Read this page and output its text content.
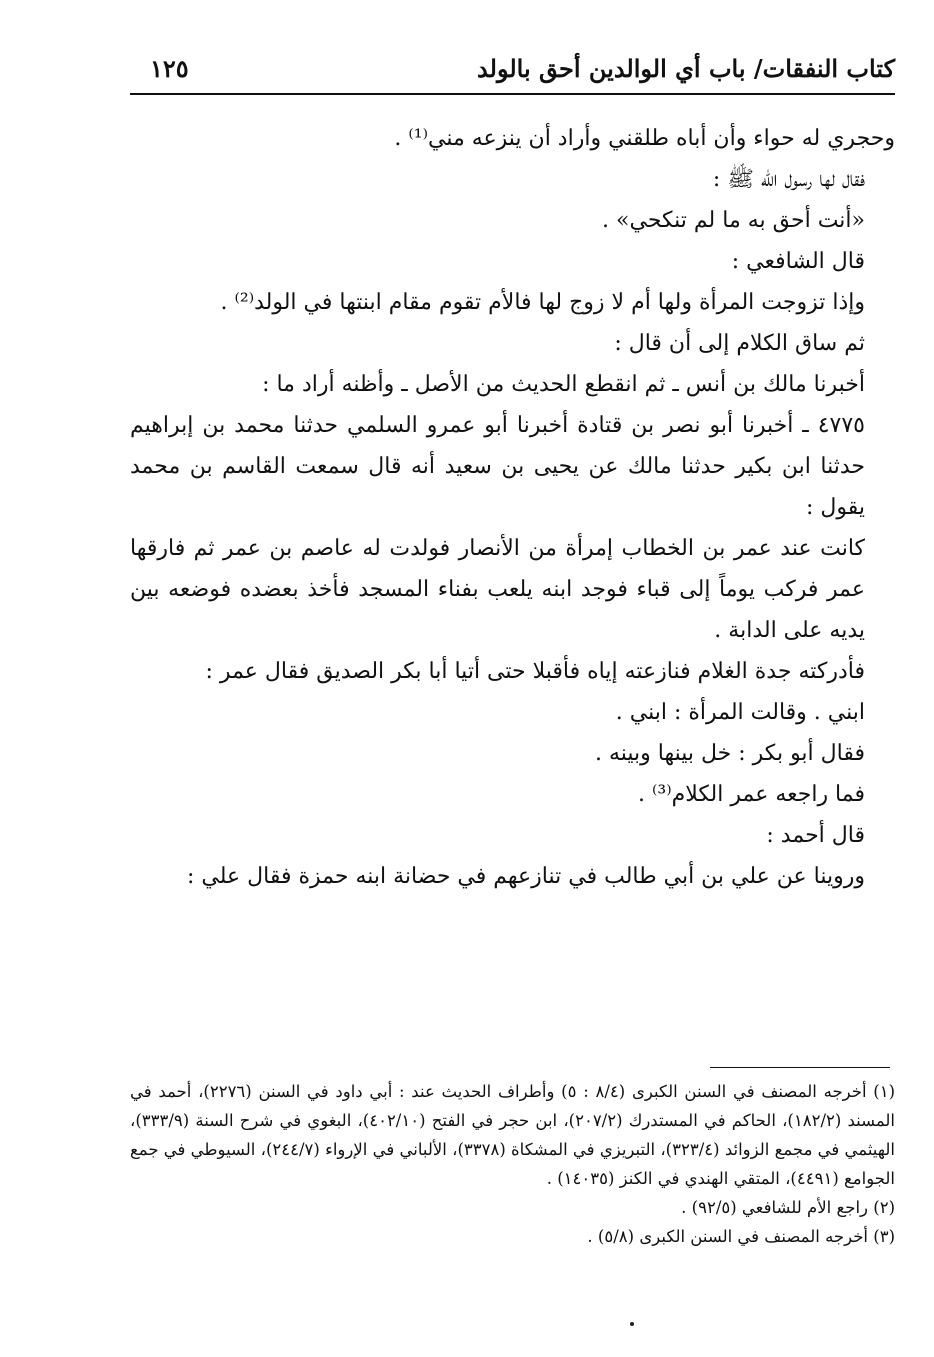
كتاب النفقات/ باب أي الوالدين أحق بالولد
١٢٥

وحجري له حواء وأن أباه طلقني وأراد أن ينزعه مني⁽¹⁾ .

فقال لها رسول الله ﷺ :

«أنت أحق به ما لم تنكحي» .

قال الشافعي :

وإذا تزوجت المرأة ولها أم لا زوج لها فالأم تقوم مقام ابنتها في الولد⁽²⁾ .

ثم ساق الكلام إلى أن قال :

أخبرنا مالك بن أنس ـ ثم انقطع الحديث من الأصل ـ وأظنه أراد ما :

٤٧٧٥ ـ أخبرنا أبو نصر بن قتادة أخبرنا أبو عمرو السلمي حدثنا محمد بن إبراهيم حدثنا ابن بكير حدثنا مالك عن يحيى بن سعيد أنه قال سمعت القاسم بن محمد يقول :

كانت عند عمر بن الخطاب إمرأة من الأنصار فولدت له عاصم بن عمر ثم فارقها عمر فركب يوماً إلى قباء فوجد ابنه يلعب بفناء المسجد فأخذ بعضده فوضعه بين يديه على الدابة .

فأدركته جدة الغلام فنازعته إياه فأقبلا حتى أتيا أبا بكر الصديق فقال عمر :

ابني . وقالت المرأة : ابني .

فقال أبو بكر : خل بينها وبينه .

فما راجعه عمر الكلام⁽³⁾ .

قال أحمد :

وروينا عن علي بن أبي طالب في تنازعهم في حضانة ابنه حمزة فقال علي :

(١) أخرجه المصنف في السنن الكبرى (٨/٤ : ٥) وأطراف الحديث عند : أبي داود في السنن (٢٢٧٦)، أحمد في المسند (١٨٢/٢)، الحاكم في المستدرك (٢٠٧/٢)، ابن حجر في الفتح (٤٠٢/١٠)، البغوي في شرح السنة (٣٣٣/٩)، الهيثمي في مجمع الزوائد (٣٢٣/٤)، التبريزي في المشكاة (٣٣٧٨)، الألباني في الإرواء (٢٤٤/٧)، السيوطي في جمع الجوامع (٤٤٩١)، المتقي الهندي في الكنز (١٤٠٣٥) .

(٢) راجع الأم للشافعي (٩٢/٥) .

(٣) أخرجه المصنف في السنن الكبرى (٥/٨) .
